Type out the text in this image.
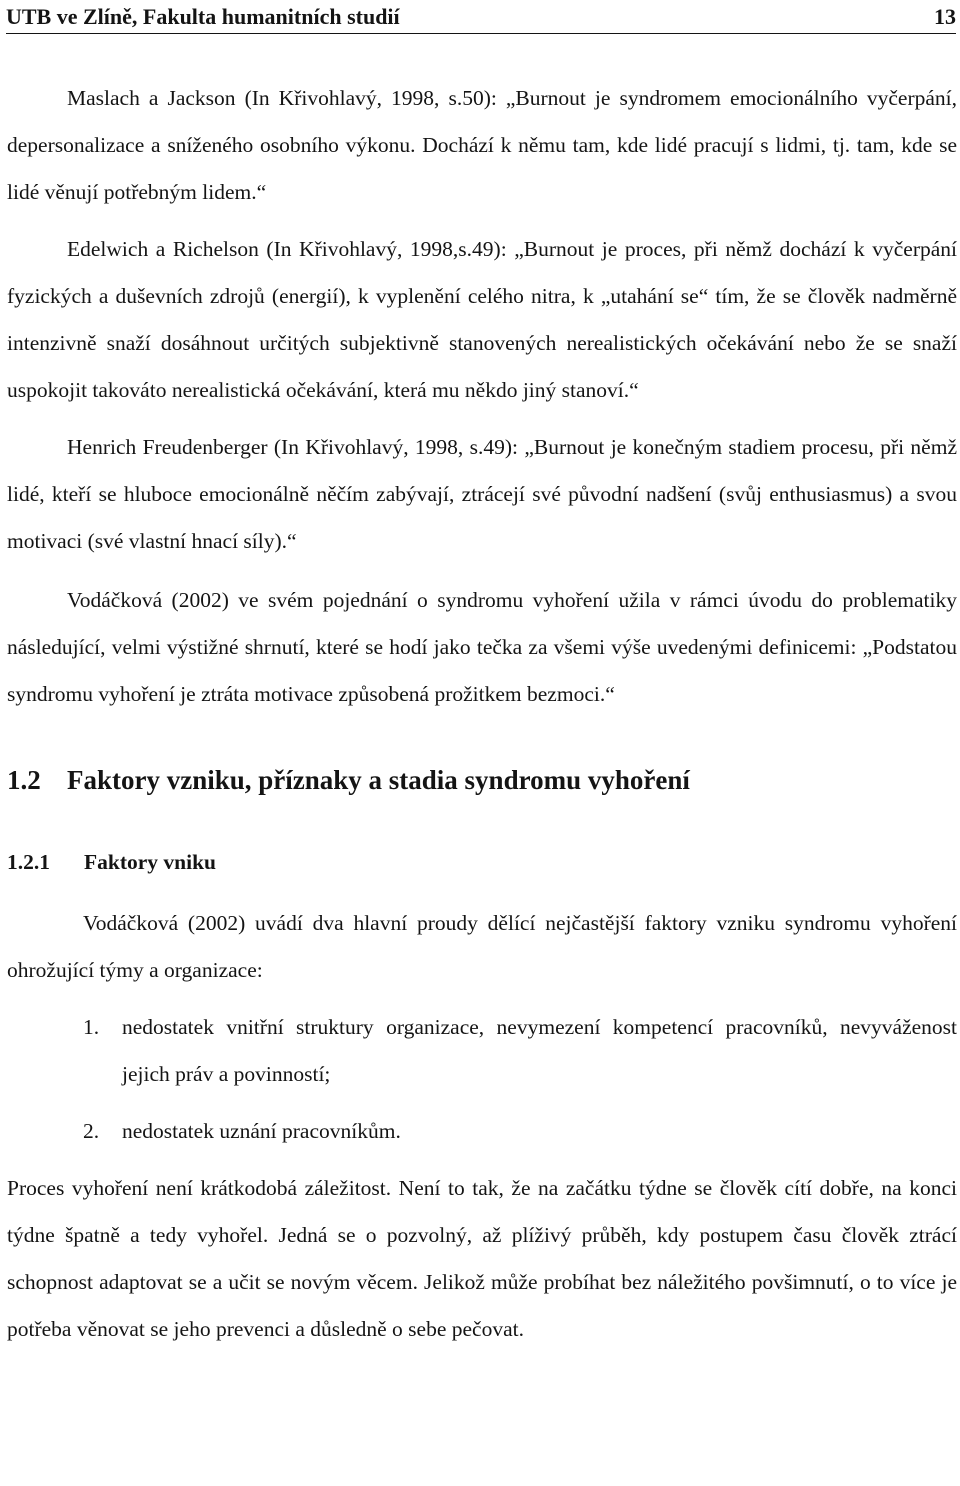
UTB ve Zlíně, Fakulta humanitních studií	13

Maslach a Jackson (In Křivohlavý, 1998, s.50): „Burnout je syndromem emocionálního vyčerpání, depersonalizace a sníženého osobního výkonu. Dochází k němu tam, kde lidé pracují s lidmi, tj. tam, kde se lidé věnují potřebným lidem.“

Edelwich a Richelson (In Křivohlavý, 1998,s.49): „Burnout je proces, při němž dochází k vyčerpání fyzických a duševních zdrojů (energií), k vyplenění celého nitra, k „utahání se“ tím, že se člověk nadměrně intenzivně snaží dosáhnout určitých subjektivně stanovených nerealistických očekávání nebo že se snaží uspokojit takováto nerealistická očekávání, která mu někdo jiný stanoví.“

Henrich Freudenberger (In Křivohlavý, 1998, s.49): „Burnout je konečným stadiem procesu, při němž lidé, kteří se hluboce emocionálně něčím zabývají, ztrácejí své původní nadšení (svůj enthusiasmus) a svou motivaci (své vlastní hnací síly).“

Vodáčková (2002) ve svém pojednání o syndromu vyhoření užila v rámci úvodu do problematiky následující, velmi výstižné shrnutí, které se hodí jako tečka za všemi výše uvedenými definicemi: „Podstatou syndromu vyhoření je ztráta motivace způsobená prožitkem bezmoci.“

1.2 Faktory vzniku, příznaky a stadia syndromu vyhoření
1.2.1 Faktory vniku

Vodáčková (2002) uvádí dva hlavní proudy dělící nejčastější faktory vzniku syndromu vyhoření ohrožující týmy a organizace:

1.	nedostatek vnitřní struktury organizace, nevymezení kompetencí pracovníků, nevyváženost jejich práv a povinností;
2.	nedostatek uznání pracovníkům.

Proces vyhoření není krátkodobá záležitost. Není to tak, že na začátku týdne se člověk cítí dobře, na konci týdne špatně a tedy vyhořel. Jedná se o pozvolný, až plíživý průběh, kdy postupem času člověk ztrácí schopnost adaptovat se a učit se novým věcem. Jelikož může probíhat bez náležitého povšimnutí, o to více je potřeba věnovat se jeho prevenci a důsledně o sebe pečovat.
